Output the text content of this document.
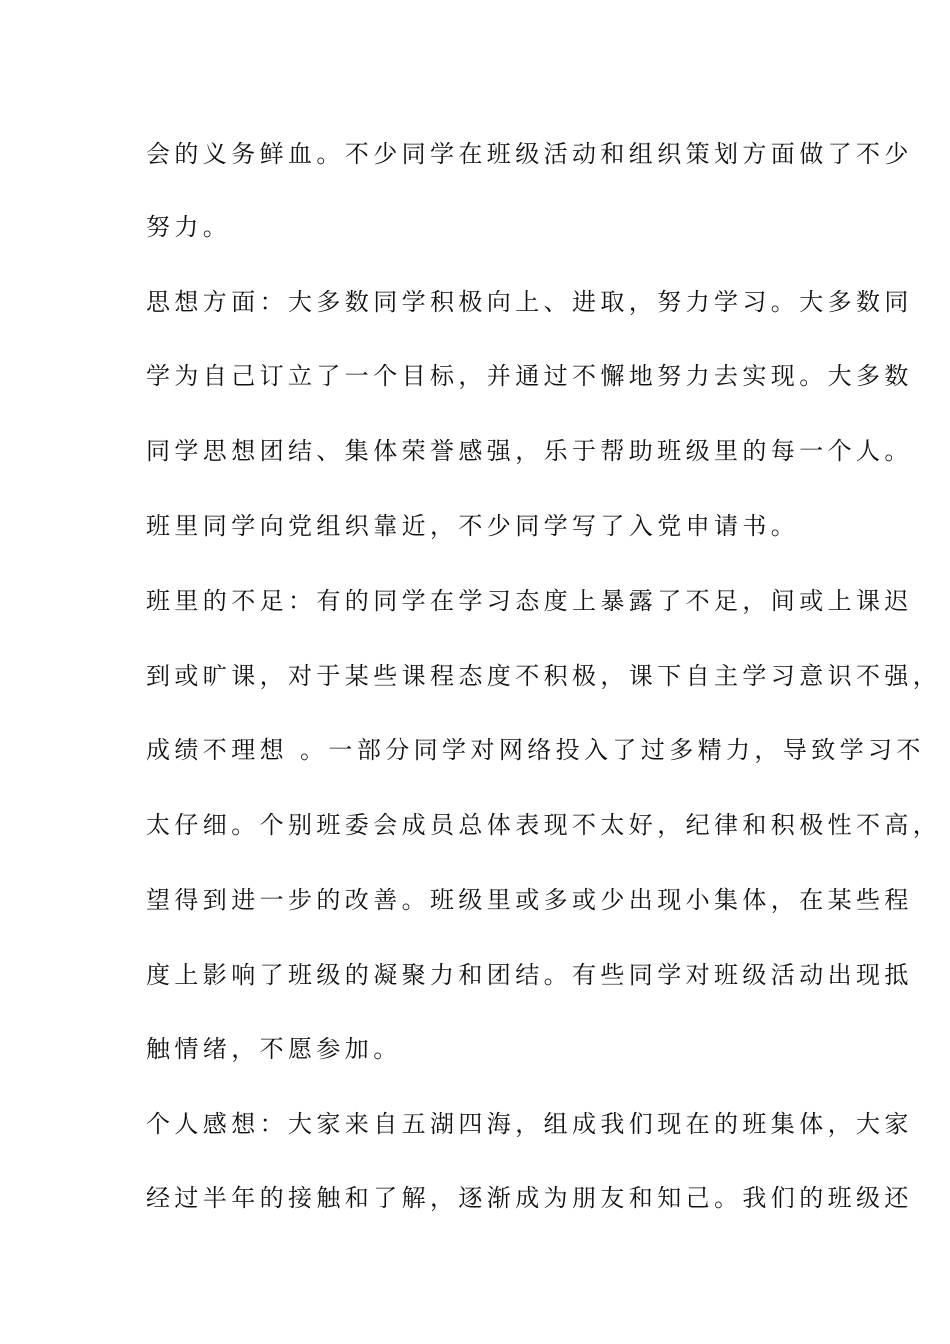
会的义务鲜血。不少同学在班级活动和组织策划方面做了不少
努力。
思想方面：大多数同学积极向上、进取，努力学习。大多数同
学为自己订立了一个目标，并通过不懈地努力去实现。大多数
同学思想团结、集体荣誉感强，乐于帮助班级里的每一个人。
班里同学向党组织靠近，不少同学写了入党申请书。
班里的不足：有的同学在学习态度上暴露了不足，间或上课迟
到或旷课，对于某些课程态度不积极，课下自主学习意识不强，
成绩不理想 。一部分同学对网络投入了过多精力，导致学习不
太仔细。个别班委会成员总体表现不太好，纪律和积极性不高，
望得到进一步的改善。班级里或多或少出现小集体，在某些程
度上影响了班级的凝聚力和团结。有些同学对班级活动出现抵
触情绪，不愿参加。
个人感想：大家来自五湖四海，组成我们现在的班集体，大家
经过半年的接触和了解，逐渐成为朋友和知己。我们的班级还
